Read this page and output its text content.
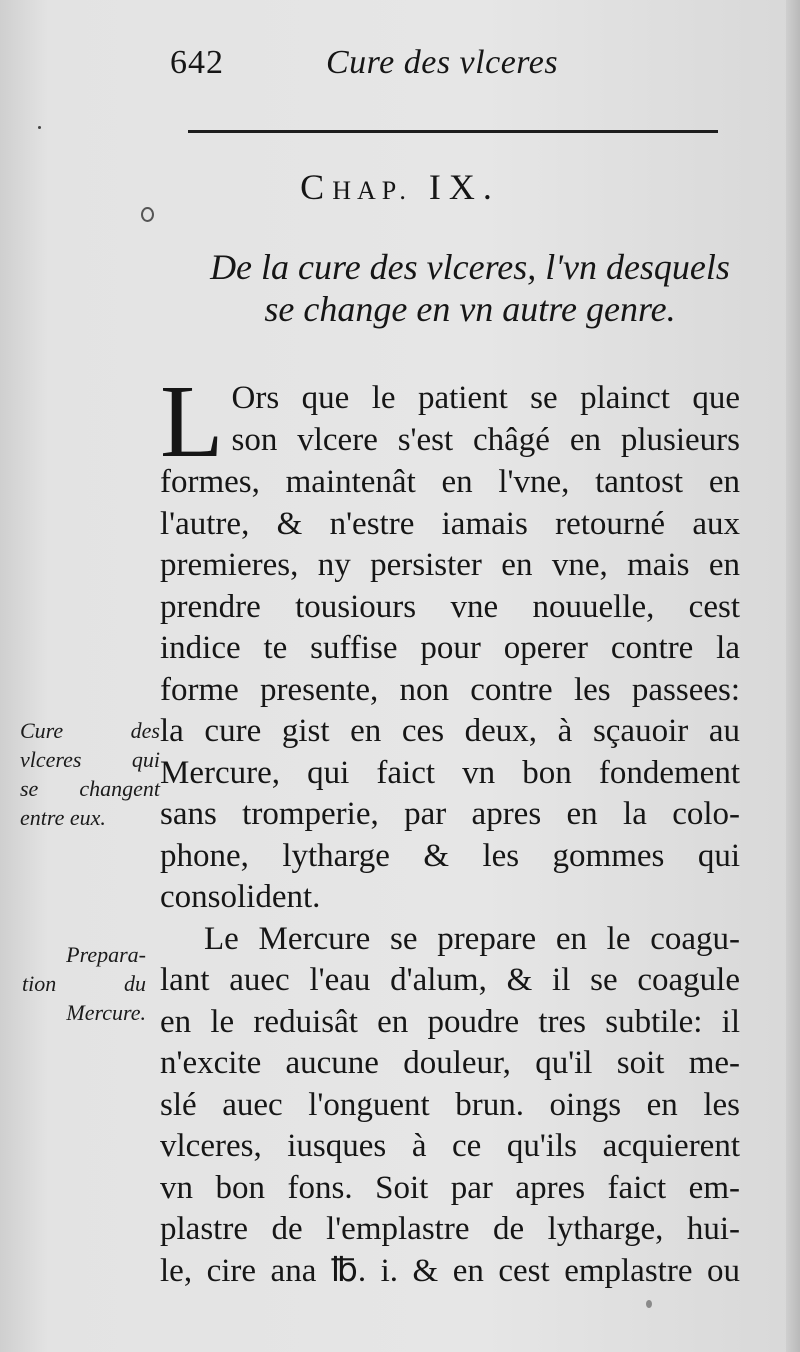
642	Cure des vlceres
CHAP. IX.
De la cure des vlceres, l'vn desquels
se change en vn autre genre.
L Ors que le patient se plainct que
son vlcere s'est châgé en plusieurs
formes, maintenât en l'vne, tantost en
l'autre, & n'estre iamais retourné aux
premieres, ny persister en vne, mais en
prendre tousiours vne nouuelle, cest
indice te suffise pour operer contre la
forme presente, non contre les passees:
la cure gist en ces deux, à sçauoir au
Mercure, qui faict vn bon fondement
sans tromperie, par apres en la colo-
phone, lytharge & les gommes qui
consolident.
Le Mercure se prepare en le coagu-
lant auec l'eau d'alum, & il se coagule
en le reduisât en poudre tres subtile: il
n'excite aucune douleur, qu'il soit me-
slé auec l'onguent brun. oings en les
vlceres, iusques à ce qu'ils acquierent
vn bon fons. Soit par apres faict em-
plastre de l'emplastre de lytharge, hui-
le, cire ana ℔. i. & en cest emplastre ou
Cure des
vlceres qui
se changent
entre eux.
Prepara-
tion du
Mercure.
